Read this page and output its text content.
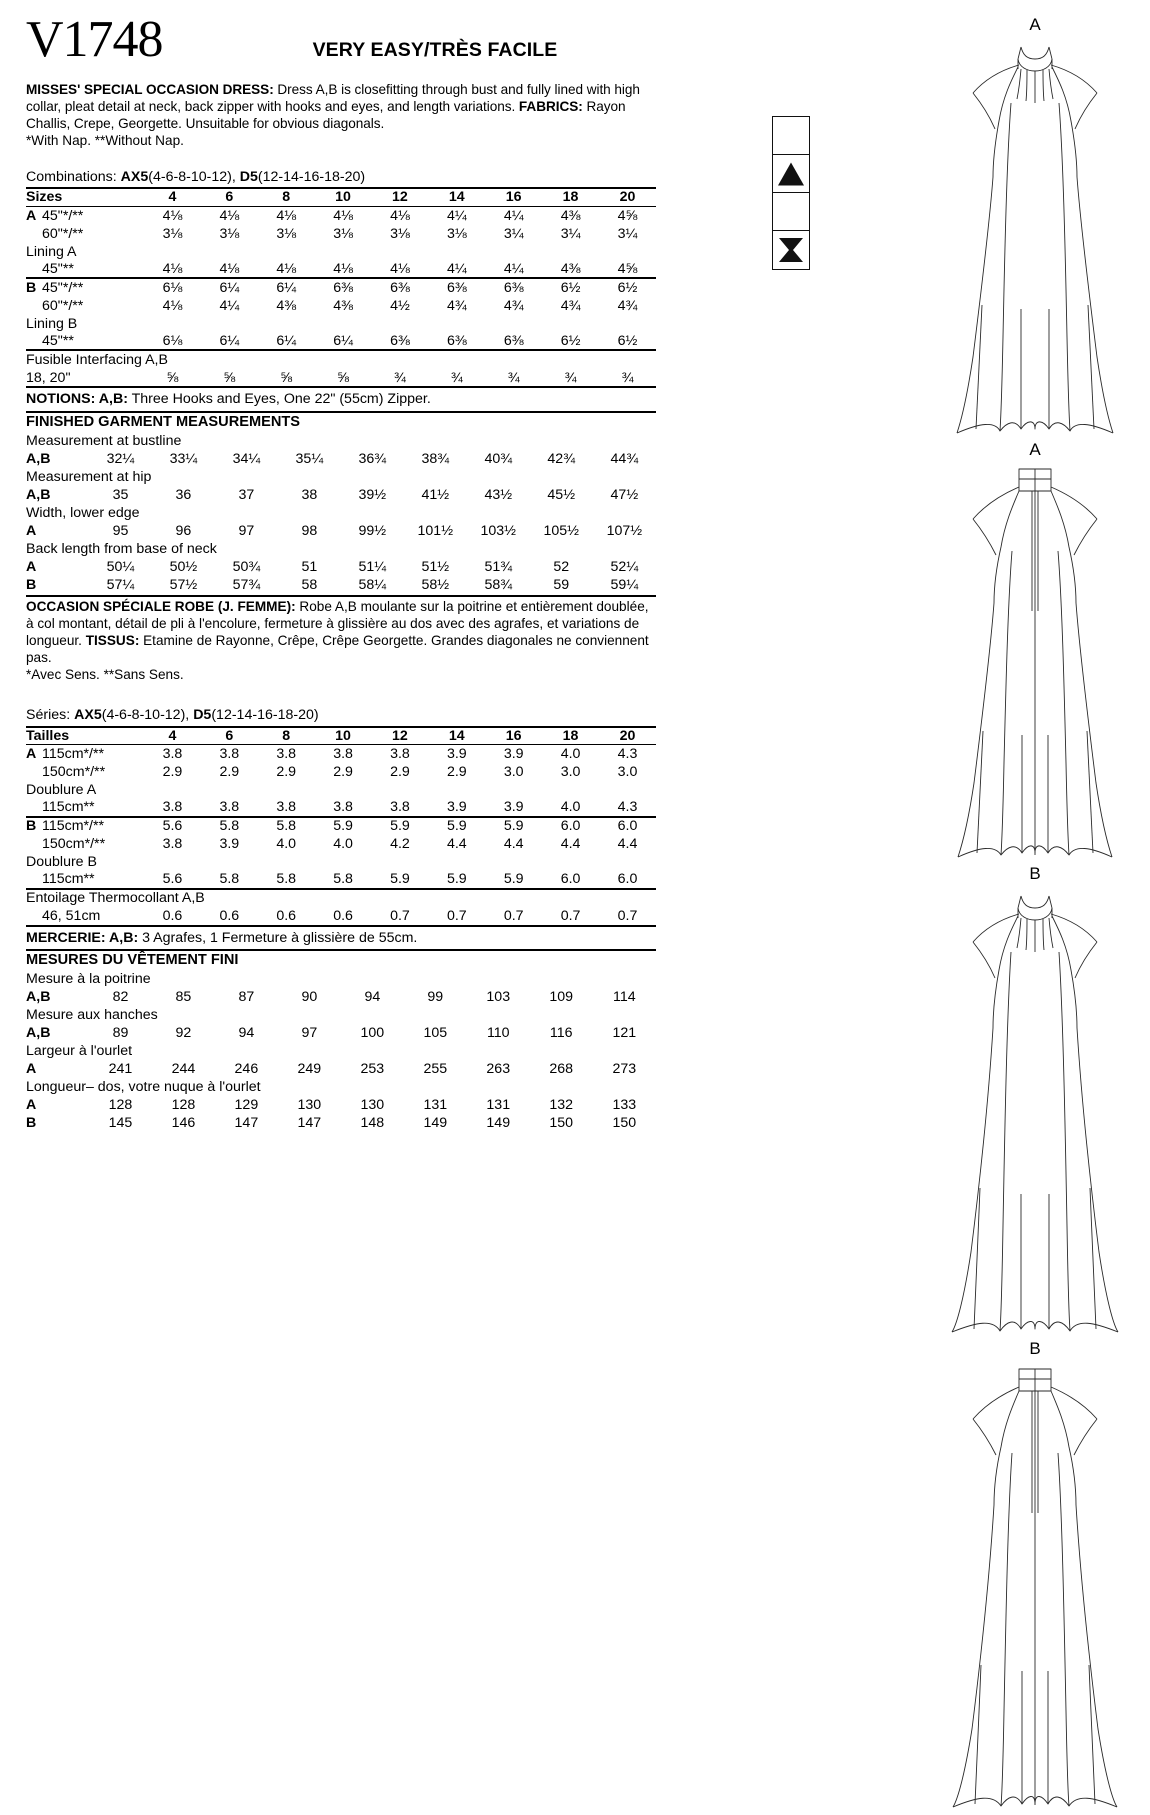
V1748	VERY EASY/TRÈS FACILE
MISSES' SPECIAL OCCASION DRESS: Dress A,B is closefitting through bust and fully lined with high collar, pleat detail at neck, back zipper with hooks and eyes, and length variations. FABRICS: Rayon Challis, Crepe, Georgette. Unsuitable for obvious diagonals.
*With Nap. **Without Nap.
Combinations: AX5(4-6-8-10-12), D5(12-14-16-18-20)
Sizes	4	6	8	10	12	14	16	18	20
A 45"*/**	4⅛	4⅛	4⅛	4⅛	4⅛	4¼	4¼	4⅜	4⅝
60"*/**	3⅛	3⅛	3⅛	3⅛	3⅛	3⅛	3¼	3¼	3¼
Lining A									
45"**	4⅛	4⅛	4⅛	4⅛	4⅛	4¼	4¼	4⅜	4⅝
B 45"*/**	6⅛	6¼	6¼	6⅜	6⅜	6⅜	6⅜	6½	6½
60"*/**	4⅛	4¼	4⅜	4⅜	4½	4¾	4¾	4¾	4¾
Lining B									
45"**	6⅛	6¼	6¼	6¼	6⅜	6⅜	6⅜	6½	6½
Fusible Interfacing A,B									
18, 20"	⅝	⅝	⅝	⅝	¾	¾	¾	¾	¾
NOTIONS: A,B: Three Hooks and Eyes, One 22" (55cm) Zipper.
FINISHED GARMENT MEASUREMENTS
Measurement at bustline									
A,B	32¼	33¼	34¼	35¼	36¾	38¾	40¾	42¾	44¾
Measurement at hip									
A,B	35	36	37	38	39½	41½	43½	45½	47½
Width, lower edge									
A	95	96	97	98	99½	101½	103½	105½	107½
Back length from base of neck									
A	50¼	50½	50¾	51	51¼	51½	51¾	52	52¼
B	57¼	57½	57¾	58	58¼	58½	58¾	59	59¼
OCCASION SPÉCIALE ROBE (J. FEMME): Robe A,B moulante sur la poitrine et entièrement doublée, à col montant, détail de pli à l'encolure, fermeture à glissière au dos avec des agrafes, et variations de longueur. TISSUS: Etamine de Rayonne, Crêpe, Crêpe Georgette. Grandes diagonales ne conviennent pas.
*Avec Sens. **Sans Sens.
Séries: AX5(4-6-8-10-12), D5(12-14-16-18-20)
Tailles	4	6	8	10	12	14	16	18	20
A 115cm*/**	3.8	3.8	3.8	3.8	3.8	3.9	3.9	4.0	4.3
150cm*/**	2.9	2.9	2.9	2.9	2.9	2.9	3.0	3.0	3.0
Doublure A									
115cm**	3.8	3.8	3.8	3.8	3.8	3.9	3.9	4.0	4.3
B 115cm*/**	5.6	5.8	5.8	5.9	5.9	5.9	5.9	6.0	6.0
150cm*/**	3.8	3.9	4.0	4.0	4.2	4.4	4.4	4.4	4.4
Doublure B									
115cm**	5.6	5.8	5.8	5.8	5.9	5.9	5.9	6.0	6.0
Entoilage Thermocollant A,B									
46, 51cm	0.6	0.6	0.6	0.6	0.7	0.7	0.7	0.7	0.7
MERCERIE: A,B: 3 Agrafes, 1 Fermeture à glissière de 55cm.
MESURES DU VÊTEMENT FINI
Mesure à la poitrine									
A,B	82	85	87	90	94	99	103	109	114
Mesure aux hanches									
A,B	89	92	94	97	100	105	110	116	121
Largeur à l'ourlet									
A	241	244	246	249	253	255	263	268	273
Longueur– dos, votre nuque à l'ourlet									
A	128	128	129	130	130	131	131	132	133
B	145	146	147	147	148	149	149	150	150
A
A
B
B
